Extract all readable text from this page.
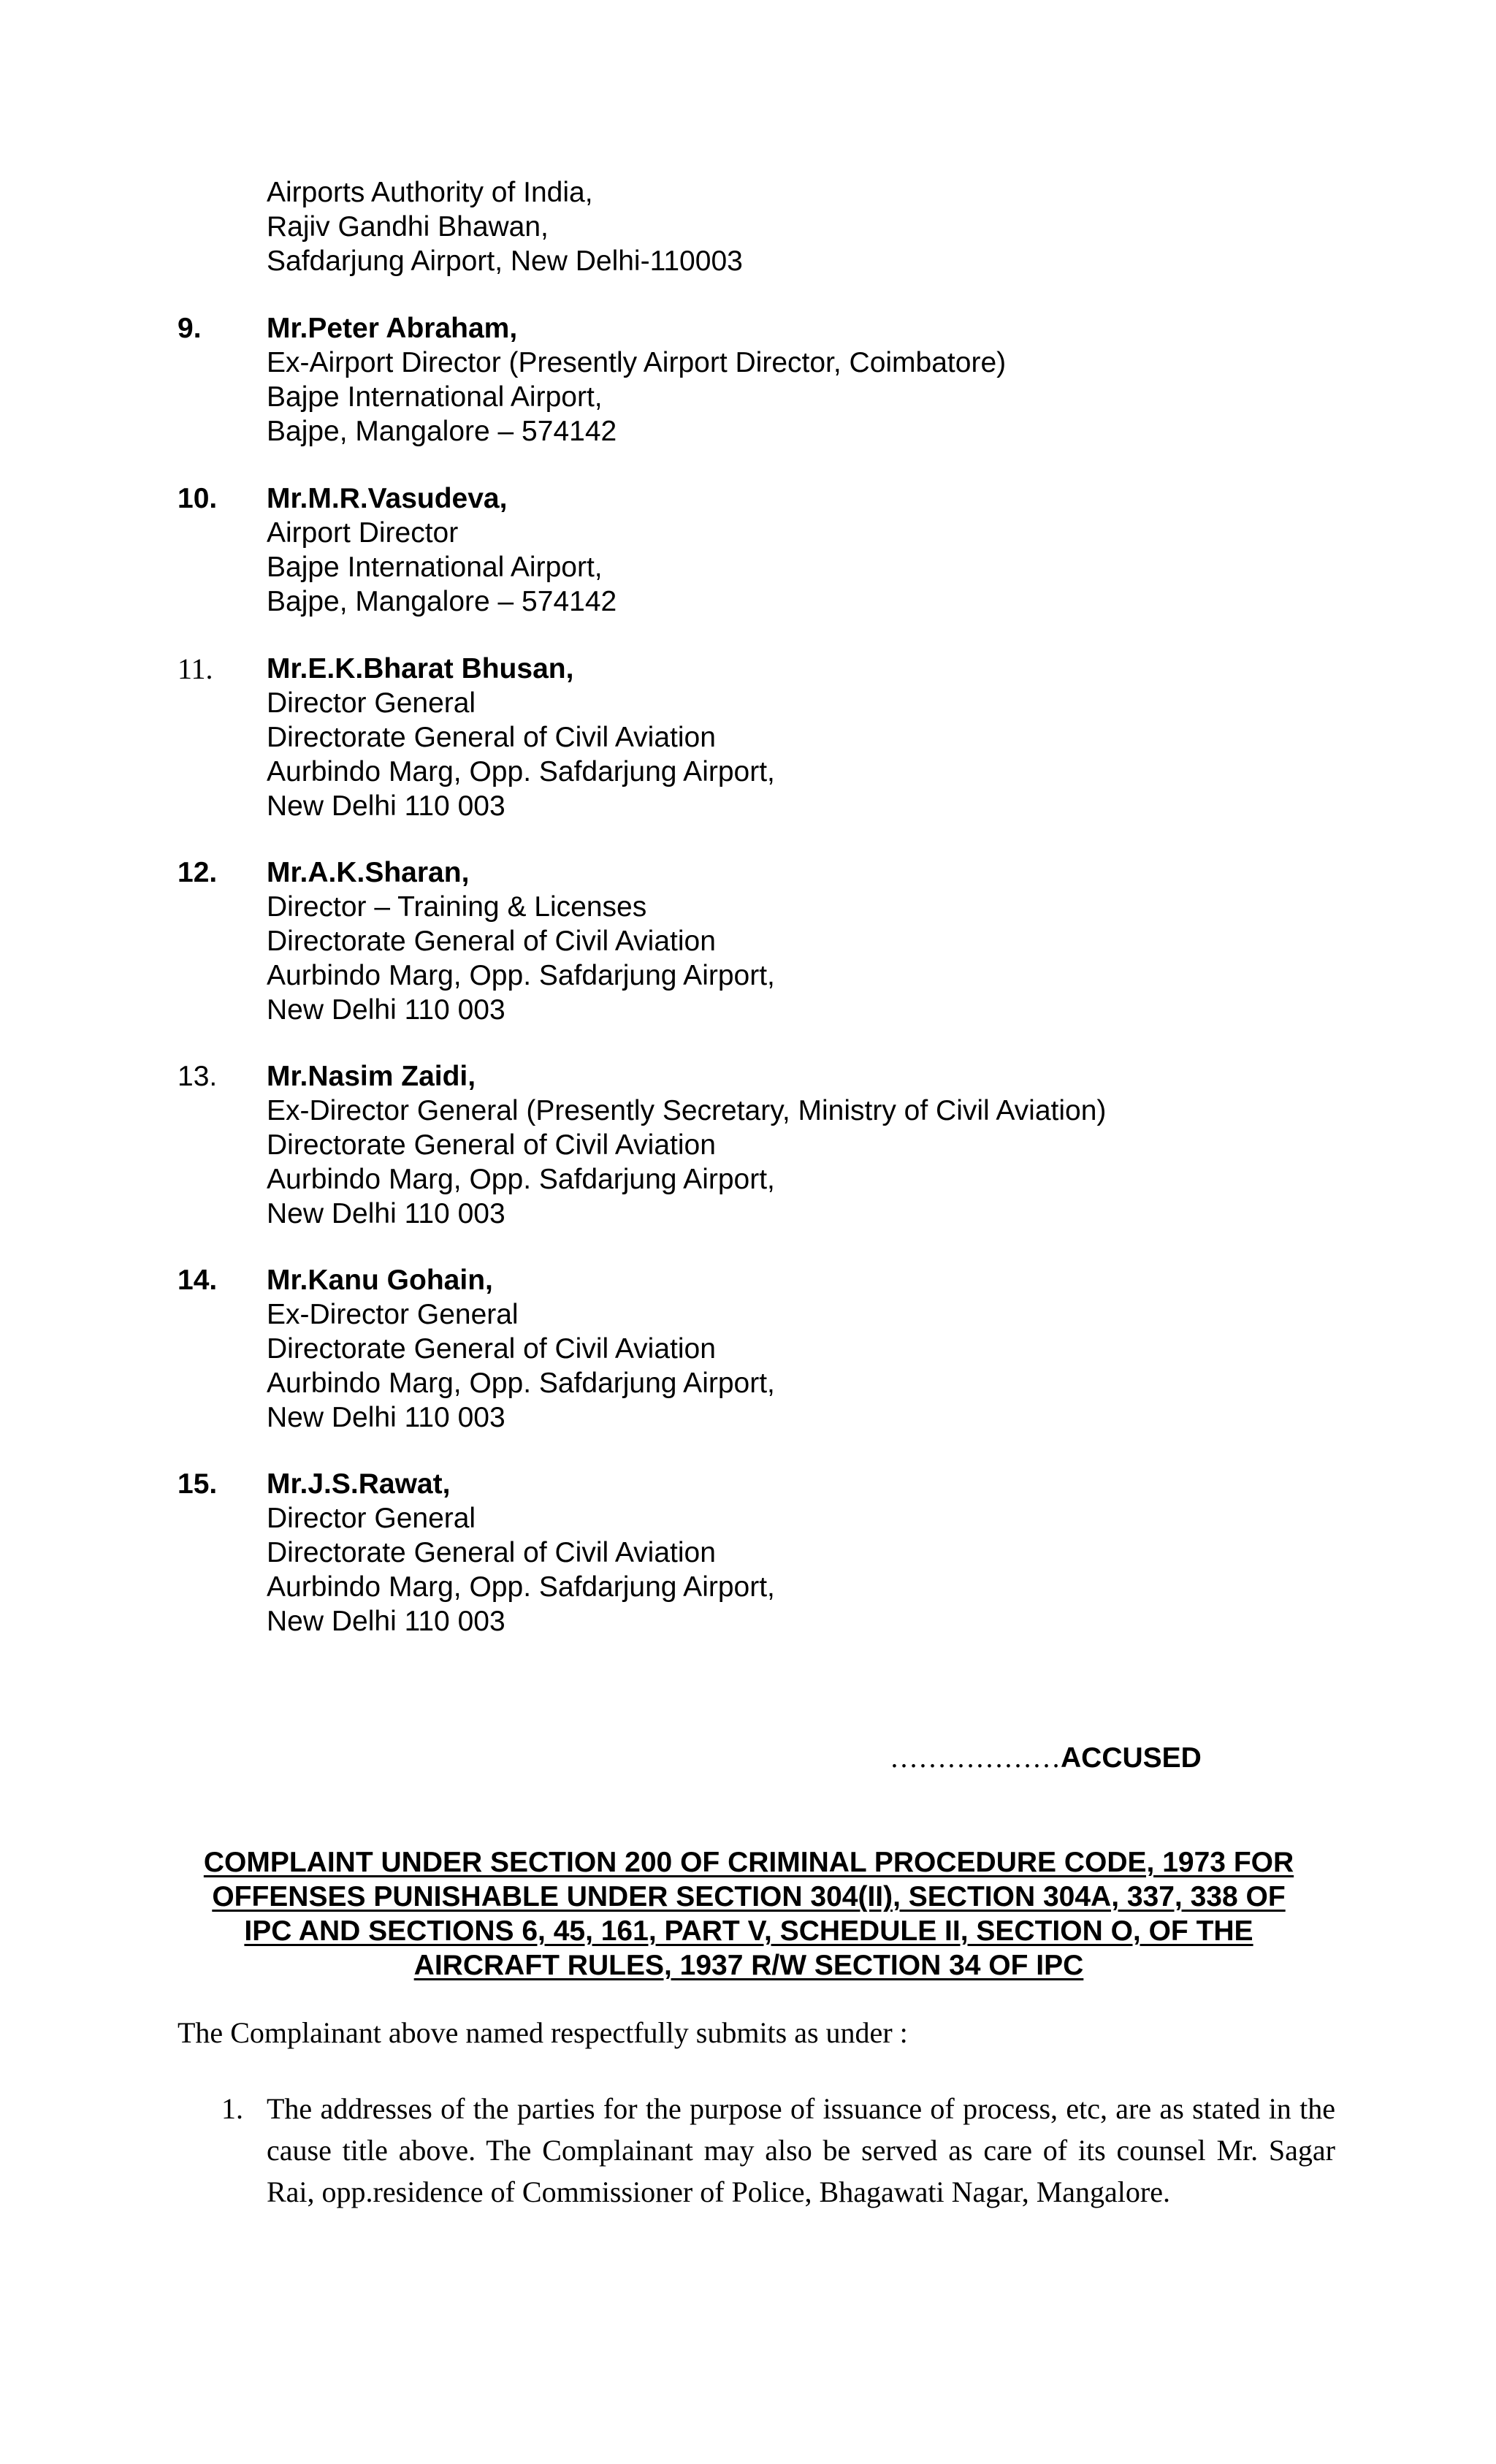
Airports Authority of India,
Rajiv Gandhi Bhawan,
Safdarjung Airport, New Delhi-110003
9. Mr.Peter Abraham,
Ex-Airport Director (Presently Airport Director, Coimbatore)
Bajpe International Airport,
Bajpe, Mangalore – 574142
10. Mr.M.R.Vasudeva,
Airport Director
Bajpe International Airport,
Bajpe, Mangalore – 574142
11. Mr.E.K.Bharat Bhusan,
Director General
Directorate General of Civil Aviation
Aurbindo Marg, Opp. Safdarjung Airport,
New Delhi 110 003
12. Mr.A.K.Sharan,
Director – Training & Licenses
Directorate General of Civil Aviation
Aurbindo Marg, Opp. Safdarjung Airport,
New Delhi 110 003
13. Mr.Nasim Zaidi,
Ex-Director General (Presently Secretary, Ministry of Civil Aviation)
Directorate General of Civil Aviation
Aurbindo Marg, Opp. Safdarjung Airport,
New Delhi 110 003
14. Mr.Kanu Gohain,
Ex-Director General
Directorate General of Civil Aviation
Aurbindo Marg, Opp. Safdarjung Airport,
New Delhi 110 003
15. Mr.J.S.Rawat,
Director General
Directorate General of Civil Aviation
Aurbindo Marg, Opp. Safdarjung Airport,
New Delhi 110 003
………………ACCUSED
COMPLAINT UNDER SECTION 200 OF CRIMINAL PROCEDURE CODE, 1973 FOR
OFFENSES PUNISHABLE UNDER SECTION 304(II), SECTION 304A, 337, 338 OF
IPC AND SECTIONS 6, 45, 161, PART V, SCHEDULE II, SECTION O, OF THE
AIRCRAFT RULES, 1937 R/W SECTION 34 OF IPC
The Complainant above named respectfully submits as under :
1. The addresses of the parties for the purpose of issuance of process, etc, are as stated in the cause title above. The Complainant may also be served as care of its counsel Mr. Sagar Rai, opp.residence of Commissioner of Police, Bhagawati Nagar, Mangalore.
